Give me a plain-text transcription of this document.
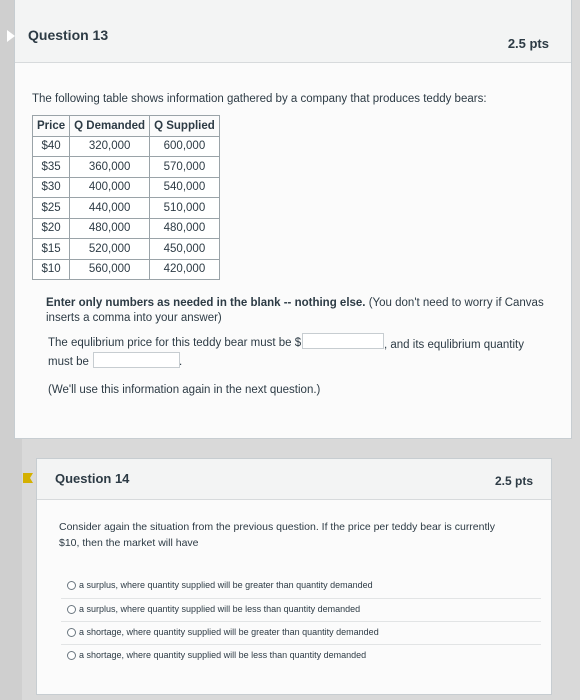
Question 13
2.5 pts
The following table shows information gathered by a company that produces teddy bears:
Price	Q Demanded	Q Supplied
$40	320,000	600,000
$35	360,000	570,000
$30	400,000	540,000
$25	440,000	510,000
$20	480,000	480,000
$15	520,000	450,000
$10	560,000	420,000
Enter only numbers as needed in the blank -- nothing else. (You don't need to worry if Canvas
inserts a comma into your answer)
The equlibrium price for this teddy bear must be $	, and its equlibrium quantity
must be	.
(We'll use this information again in the next question.)
Question 14	2.5 pts
Consider again the situation from the previous question. If the price per teddy bear is currently
$10, then the market will have
a surplus, where quantity supplied will be greater than quantity demanded
a surplus, where quantity supplied will be less than quantity demanded
a shortage, where quantity supplied will be greater than quantity demanded
a shortage, where quantity supplied will be less than quantity demanded
